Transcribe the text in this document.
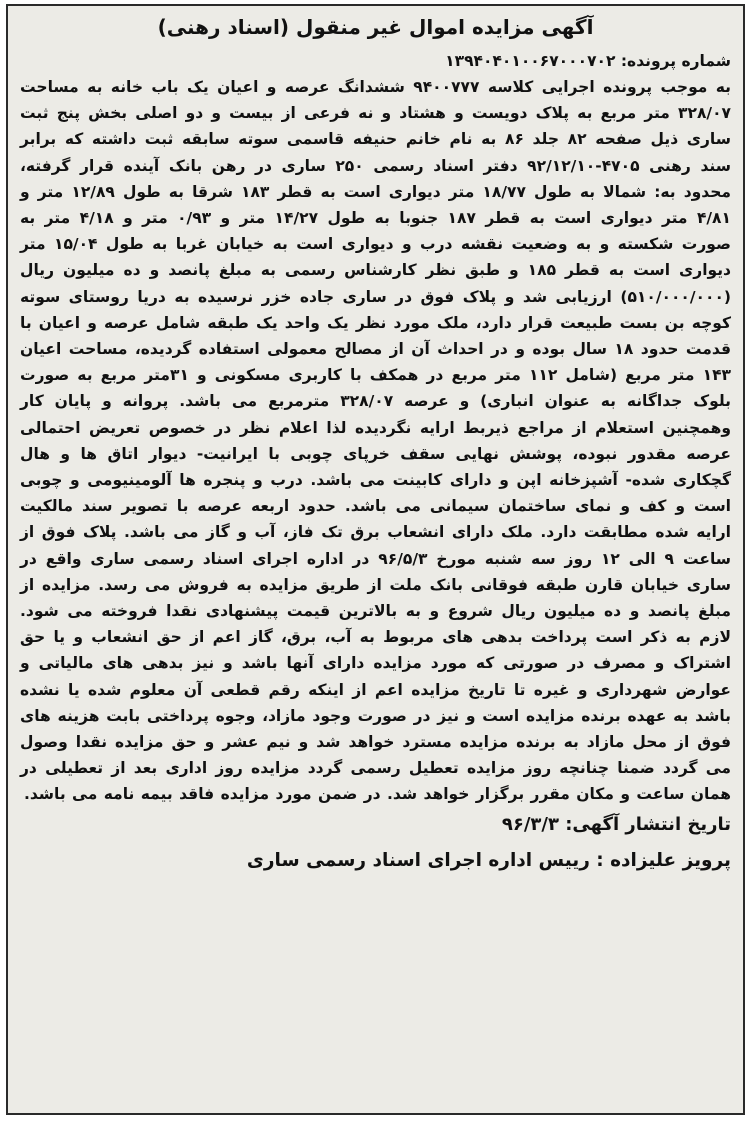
آگهی مزایده اموال غیر منقول (اسناد رهنی)
شماره پرونده: ۱۳۹۴۰۴۰۱۰۰۶۷۰۰۰۷۰۲
به موجب پرونده اجرایی کلاسه ۹۴۰۰۷۷۷ ششدانگ عرصه و اعیان یک باب خانه به مساحت ۳۲۸/۰۷ متر مربع به پلاک دویست و هشتاد و نه فرعی از بیست و دو اصلی بخش پنج ثبت ساری ذیل صفحه ۸۲ جلد ۸۶ به نام خانم حنیفه قاسمی سوته سابقه ثبت داشته که برابر سند رهنی ۴۷۰۵-۹۲/۱۲/۱۰ دفتر اسناد رسمی ۲۵۰ ساری در رهن بانک آینده قرار گرفته، محدود به: شمالا به طول ۱۸/۷۷ متر دیواری است به قطر ۱۸۳ شرقا به طول ۱۲/۸۹ متر و ۴/۸۱ متر دیواری است به قطر ۱۸۷ جنوبا به طول ۱۴/۲۷ متر و ۰/۹۳ متر و ۴/۱۸ متر به صورت شکسته و به وضعیت نقشه درب و دیواری است به خیابان غربا به طول ۱۵/۰۴ متر دیواری است به قطر ۱۸۵ و طبق نظر کارشناس رسمی به مبلغ پانصد و ده میلیون ریال (۵۱۰/۰۰۰/۰۰۰) ارزیابی شد و پلاک فوق در ساری جاده خزر نرسیده به دریا روستای سوته کوچه بن بست طبیعت قرار دارد، ملک مورد نظر یک واحد یک طبقه شامل عرصه و اعیان با قدمت حدود ۱۸ سال بوده و در احداث آن از مصالح معمولی استفاده گردیده، مساحت اعیان ۱۴۳ متر مربع (شامل ۱۱۲ متر مربع در همکف با کاربری مسکونی و ۳۱متر مربع به صورت بلوک جداگانه به عنوان انباری) و عرصه ۳۲۸/۰۷ مترمربع می باشد. پروانه و پایان کار وهمچنین استعلام از مراجع ذیربط ارایه نگردیده لذا اعلام نظر در خصوص تعریض احتمالی عرصه مقدور نبوده، پوشش نهایی سقف خرپای چوبی با ایرانیت- دیوار اتاق ها و هال گچکاری شده- آشپزخانه اپن و دارای کابینت می باشد. درب و پنجره ها آلومینیومی و چوبی است و کف و نمای ساختمان سیمانی می باشد. حدود اربعه عرصه با تصویر سند مالکیت ارایه شده مطابقت دارد. ملک دارای انشعاب برق تک فاز، آب و گاز می باشد. پلاک فوق از ساعت ۹ الی ۱۲ روز سه شنبه مورخ ۹۶/۵/۳ در اداره اجرای اسناد رسمی ساری واقع در ساری خیابان قارن طبقه فوقانی بانک ملت از طریق مزایده به فروش می رسد. مزایده از مبلغ پانصد و ده میلیون ریال شروع و به بالاترین قیمت پیشنهادی نقدا فروخته می شود. لازم به ذکر است پرداخت بدهی های مربوط به آب، برق، گاز اعم از حق انشعاب و یا حق اشتراک و مصرف در صورتی که مورد مزایده دارای آنها باشد و نیز بدهی های مالیاتی و عوارض شهرداری و غیره تا تاریخ مزایده اعم از اینکه رقم قطعی آن معلوم شده یا نشده باشد به عهده برنده مزایده است و نیز در صورت وجود مازاد، وجوه پرداختی بابت هزینه های فوق از محل مازاد به برنده مزایده مسترد خواهد شد و نیم عشر و حق مزایده نقدا وصول می گردد ضمنا چنانچه روز مزایده تعطیل رسمی گردد مزایده روز اداری بعد از تعطیلی در همان ساعت و مکان مقرر برگزار خواهد شد. در ضمن مورد مزایده فاقد بیمه نامه می باشد.
تاریخ انتشار آگهی: ۹۶/۳/۳
پرویز علیزاده : رییس اداره اجرای اسناد رسمی ساری
